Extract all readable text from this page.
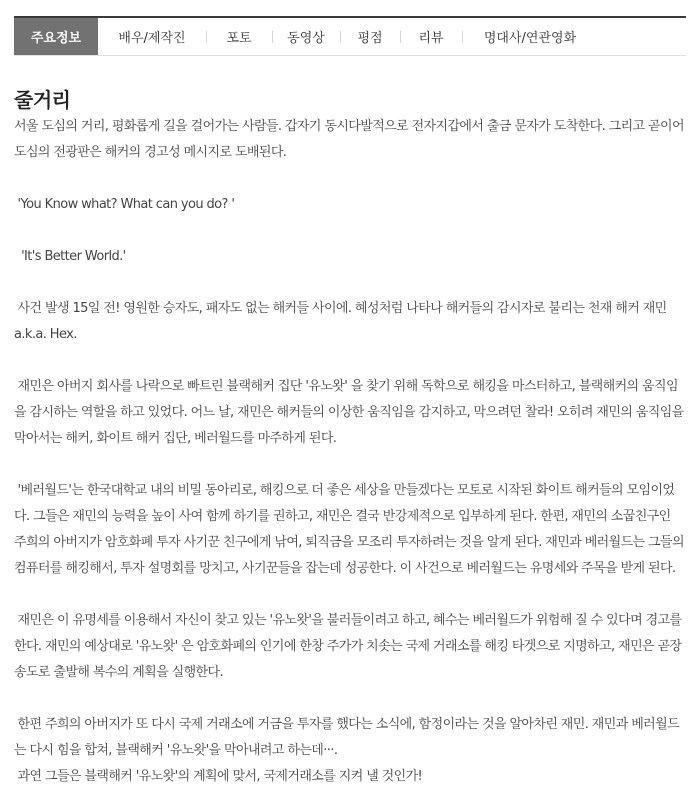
주요정보	배우/제작진	포토	동영상	평점	리뷰	명대사/연관영화
줄거리

서울 도심의 거리, 평화롭게 길을 걸어가는 사람들. 갑자기 동시다발적으로 전자지갑에서 출금 문자가 도착한다. 그리고 곧이어 도심의 전광판은 해커의 경고성 메시지로 도배된다.

'You Know what? What can you do? '

'It's Better World.'

사건 발생 15일 전! 영원한 승자도, 패자도 없는 해커들 사이에. 혜성처럼 나타나 해커들의 감시자로 불리는 천재 해커 재민 a.k.a. Hex.

재민은 아버지 회사를 나락으로 빠트린 블랙해커 집단 '유노왓' 을 찾기 위해 독학으로 해킹을 마스터하고, 블랙해커의 움직임을 감시하는 역할을 하고 있었다. 어느 날, 재민은 해커들의 이상한 움직임을 감지하고, 막으려던 찰라! 오히려 재민의 움직임을 막아서는 해커, 화이트 해커 집단, 베러월드를 마주하게 된다.

'베러월드'는 한국대학교 내의 비밀 동아리로, 해킹으로 더 좋은 세상을 만들겠다는 모토로 시작된 화이트 해커들의 모임이었다. 그들은 재민의 능력을 높이 사여 함께 하기를 권하고, 재민은 결국 반강제적으로 입부하게 된다. 한편, 재민의 소꿉친구인 주희의 아버지가 암호화폐 투자 사기꾼 친구에게 낚여, 퇴직금을 모조리 투자하려는 것을 알게 된다. 재민과 베러월드는 그들의 컴퓨터를 해킹해서, 투자 설명회를 망치고, 사기꾼들을 잡는데 성공한다. 이 사건으로 베러월드는 유명세와 주목을 받게 된다.

재민은 이 유명세를 이용해서 자신이 찾고 있는 '유노왓'을 불러들이려고 하고, 혜수는 베러월드가 위험해 질 수 있다며 경고를 한다. 재민의 예상대로 '유노왓' 은 암호화폐의 인기에 한창 주가가 치솟는 국제 거래소를 해킹 타겟으로 지명하고, 재민은 곧장 송도로 출발해 복수의 계획을 실행한다.

한편 주희의 아버지가 또 다시 국제 거래소에 거금을 투자를 했다는 소식에, 함정이라는 것을 알아차린 재민. 재민과 베러월드는 다시 힘을 합쳐, 블랙해커 '유노왓'을 막아내려고 하는데···.

과연 그들은 블랙해커 '유노왓'의 계획에 맞서, 국제거래소를 지켜 낼 것인가!
